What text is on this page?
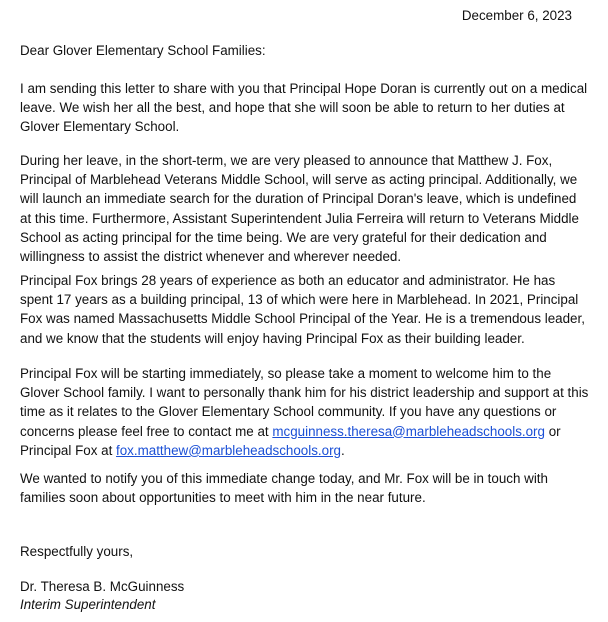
December 6, 2023

Dear Glover Elementary School Families:

I am sending this letter to share with you that Principal Hope Doran is currently out on a medical
leave. We wish her all the best, and hope that she will soon be able to return to her duties at
Glover Elementary School.

During her leave, in the short-term, we are very pleased to announce that Matthew J. Fox,
Principal of Marblehead Veterans Middle School, will serve as acting principal. Additionally, we
will launch an immediate search for the duration of Principal Doran's leave, which is undefined
at this time. Furthermore, Assistant Superintendent Julia Ferreira will return to Veterans Middle
School as acting principal for the time being. We are very grateful for their dedication and
willingness to assist the district whenever and wherever needed.

Principal Fox brings 28 years of experience as both an educator and administrator. He has
spent 17 years as a building principal, 13 of which were here in Marblehead. In 2021, Principal
Fox was named Massachusetts Middle School Principal of the Year. He is a tremendous leader,
and we know that the students will enjoy having Principal Fox as their building leader.

Principal Fox will be starting immediately, so please take a moment to welcome him to the
Glover School family. I want to personally thank him for his district leadership and support at this
time as it relates to the Glover Elementary School community. If you have any questions or
concerns please feel free to contact me at mcguinness.theresa@marbleheadschools.org or
Principal Fox at fox.matthew@marbleheadschools.org.

We wanted to notify you of this immediate change today, and Mr. Fox will be in touch with
families soon about opportunities to meet with him in the near future.

Respectfully yours,

Dr. Theresa B. McGuinness

Interim Superintendent
